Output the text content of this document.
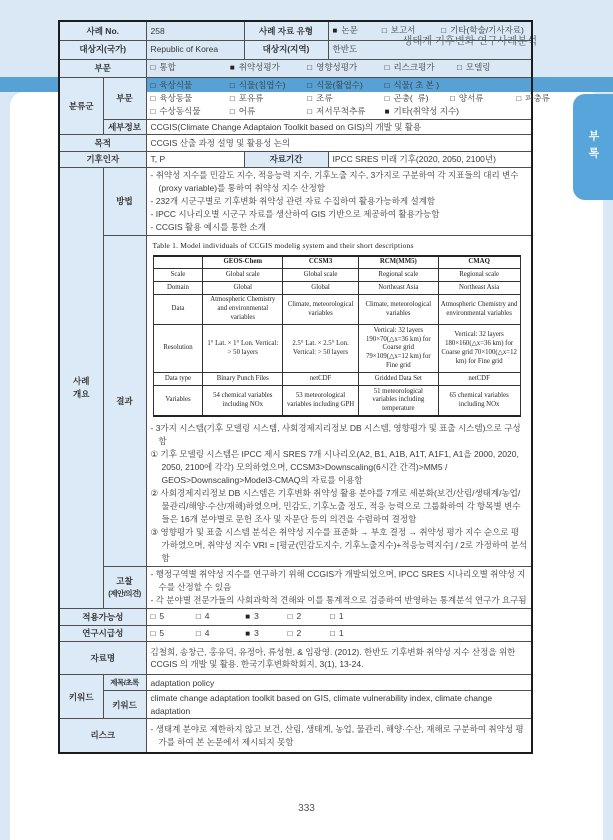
생태계 기후변화 연구사례분석
부록
사례 No.	258	사례 자료 유형	■ 논문	□ 보고서	□ 기타(학술/기사자료)
대상지(국가)	Republic of Korea	대상지(지역)	한반도
부문	□ 통합	■ 취약성평가	□ 영향성평가	□ 리스크평가	□ 모델링
분류군	부문	
□ 육상식물	□ 식물(침엽수)	□ 식물(활엽수)	□ 식물( 초 본 )
□ 육상동물	□ 포유류	□ 조류	□ 곤충(  류)	□ 양서류	□ 파충류
□ 수상동식물	□ 어류	□ 저서무척추류 ■ 기타(취약성 지수)

세부정보	CCGIS(Climate Change Adaptaion Toolkit based on GIS)의 개발 및 활용
목적	CCGIS 산출 과정 설명 및 활용성 논의
기후인자	T, P	자료기간	IPCC SRES 미래 기후(2020, 2050, 2100년)

사례
개요
	방법	
- 취약성 지수를 민감도 지수, 적응능력 지수, 기후노출 지수, 3가지로 구분하여 각 지표들의 대리 변수(proxy variable)를 통하여 취약성 지수 산정함
- 232개 시군구별로 기후변화 취약성 관련 자료 수집하여 활용가능하게 설계함
- IPCC 시나리오별 시군구 자료를 생산하여 GIS 기반으로 제공하여 활용가능함
- CCGIS 활용 예시를 통한 소개

결과	
Table 1. Model individuals of CCGIS modelig system and their short descriptions
	GEOS-Chem	CCSM3	RCM(MM5)	CMAQ
Scale	Global scale	Global scale	Regional scale	Regional scale
Domain	Global	Global	Northeast Asia	Northeast Asia
Data	Atmospheric Chemistry and environmental variables	Climate, meteorological variables	Climate, meteorological variables	Atmospheric Chemistry and environmental variables
Resolution	1° Lat. × 1° Lon. Vertical: > 50 layers	2.5° Lat. × 2.5° Lon. Vertical: > 50 layers	Vertical: 32 layers 190×70(△x=36 km) for Coarse grid 79×109(△x=12 km) for Fine grid	Vertical: 32 layers 180×160(△x=36 km) for Coarse grid 70×100(△x=12 km) for Fine grid
Data type	Binary Punch Files	netCDF	Gridded Data Set	netCDF
Variables	54 chemical variables including NOx	53 meteorological variables including GPH	51 meteorological variables including temperature	65 chemical variables including NOx
- 3가지 시스템(기후 모델링 시스템, 사회경제지리정보 DB 시스템, 영향평가 및 표출 시스템)으로 구성함
① 기후 모델링 시스템은 IPCC 제시 SRES 7개 시나리오(A2, B1, A1B, A1T, A1F1, A1을 2000, 2020, 2050, 2100에 각각) 모의하였으며, CCSM3>Downscaling(6시간 간격)>MM5 / GEOS>Downscaling>Model3-CMAQ의 자료를 이용함
② 사회경제지리정보 DB 시스템은 기후변화 취약성 활용 분야를 7개로 세분화(보건/산림/생태계/농업/물관리/해양·수산/재해)하였으며, 민감도, 기후노출 정도, 적응 능력으로 그룹화하여 각 항목별 변수들은 16개 분야별로 문헌 조사 및 자문단 등의 의견을 수렴하여 결정함
③ 영향평가 및 표출 시스템 분석은 취약성 지수를 표준화 → 부호 결정 → 취약성 평가 지수 순으로 평가하였으며, 취약성 지수 VRI = [평균(민감도지수, 기후노출지수)+적응능력지수] / 2로 가정하여 분석함

고찰
(제안/의견)

- 행정구역별 취약성 지수를 연구하기 위해 CCGIS가 개발되었으며, IPCC SRES 시나리오별 취약성 지수를 산정할 수 있음
- 각 분야별 전문가들의 사회과학적 견해와 이를 통계적으로 검증하여 반영하는 통계분석 연구가 요구됨

적용가능성	□ 5	□ 4	■ 3	□ 2	□ 1
연구시급성	□ 5	□ 4	■ 3	□ 2	□ 1
자료명	김철희, 송창근, 홍유덕, 유정아, 류성현, & 임광영. (2012). 한반도 기후변화 취약성 지수 산정을 위한 CCGIS 의 개발 및 활용. 한국기후변화학회지, 3(1), 13-24.
키워드	제목/초록	adaptation policy
키워드	climate change adaptation toolkit based on GIS, climate vulnerability index, climate change adaptation
리스크	
- 생태계 분야로 제한하지 않고 보건, 산림, 생태계, 농업, 물관리, 해양·수산, 재해로 구분하여 취약성 평가를 하여 본 논문에서 제시되지 못함
333
